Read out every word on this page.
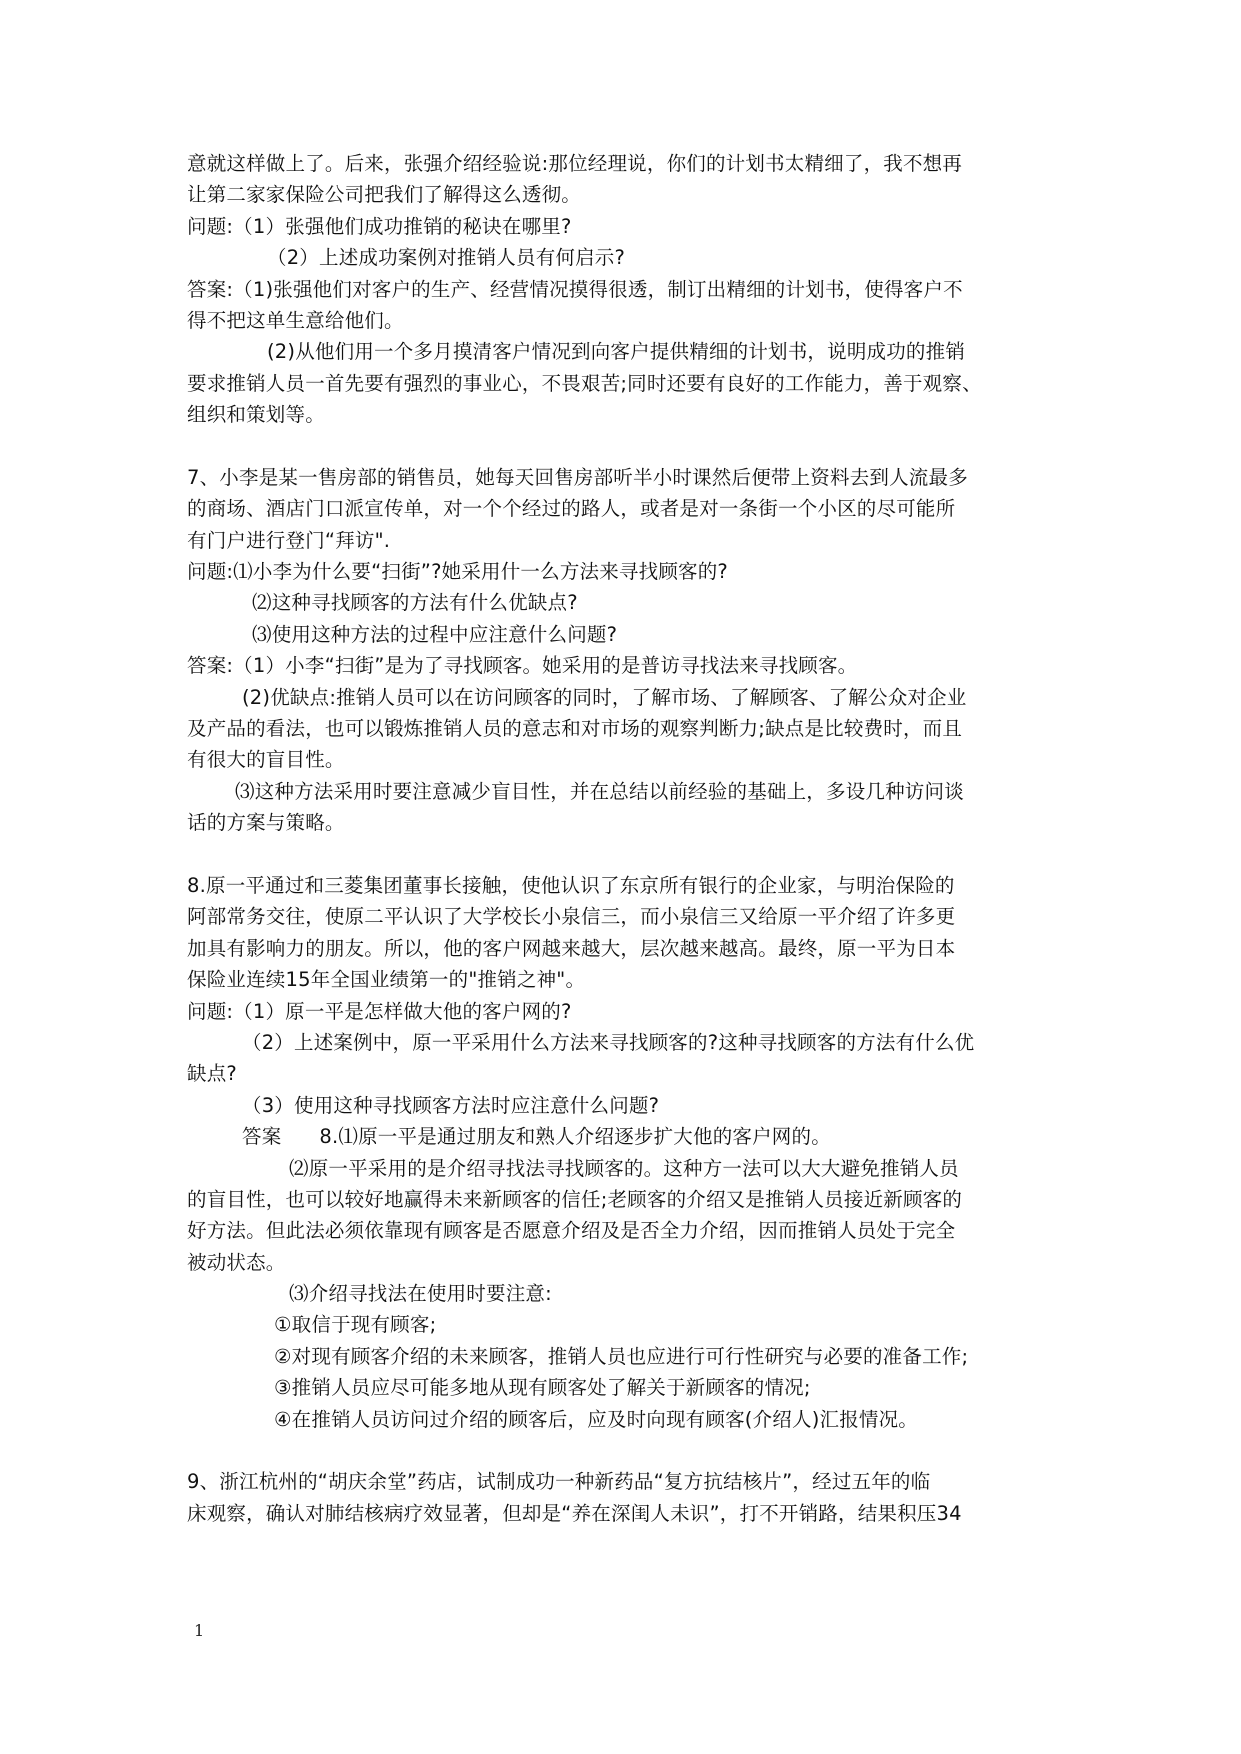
意就这样做上了。后来，张强介绍经验说:那位经理说，你们的计划书太精细了，我不想再
让第二家家保险公司把我们了解得这么透彻。
问题:（1）张强他们成功推销的秘诀在哪里?
（2）上述成功案例对推销人员有何启示?
答案:（1)张强他们对客户的生产、经营情况摸得很透，制订出精细的计划书，使得客户不
得不把这单生意给他们。
(2)从他们用一个多月摸清客户情况到向客户提供精细的计划书，说明成功的推销
要求推销人员一首先要有强烈的事业心，不畏艰苦;同时还要有良好的工作能力，善于观察、
组织和策划等。
7、小李是某一售房部的销售员，她每天回售房部听半小时课然后便带上资料去到人流最多
的商场、酒店门口派宣传单，对一个个经过的路人，或者是对一条街一个小区的尽可能所
有门户进行登门“拜访".
问题:⑴小李为什么要“扫街”?她采用什一么方法来寻找顾客的?
⑵这种寻找顾客的方法有什么优缺点?
⑶使用这种方法的过程中应注意什么问题?
答案:（1）小李“扫街”是为了寻找顾客。她采用的是普访寻找法来寻找顾客。
(2)优缺点:推销人员可以在访问顾客的同时，了解市场、了解顾客、了解公众对企业
及产品的看法，也可以锻炼推销人员的意志和对市场的观察判断力;缺点是比较费时，而且
有很大的盲目性。
⑶这种方法采用时要注意减少盲目性，并在总结以前经验的基础上，多设几种访问谈
话的方案与策略。
8.原一平通过和三菱集团董事长接触，使他认识了东京所有银行的企业家，与明治保险的
阿部常务交往，使原二平认识了大学校长小泉信三，而小泉信三又给原一平介绍了许多更
加具有影响力的朋友。所以，他的客户网越来越大，层次越来越高。最终，原一平为日本
保险业连续15年全国业绩第一的"推销之神"。
问题:（1）原一平是怎样做大他的客户网的?
（2）上述案例中，原一平采用什么方法来寻找顾客的?这种寻找顾客的方法有什么优
缺点?
（3）使用这种寻找顾客方法时应注意什么问题?
答案 8.⑴原一平是通过朋友和熟人介绍逐步扩大他的客户网的。
⑵原一平采用的是介绍寻找法寻找顾客的。这种方一法可以大大避免推销人员
的盲目性，也可以较好地赢得未来新顾客的信任;老顾客的介绍又是推销人员接近新顾客的
好方法。但此法必须依靠现有顾客是否愿意介绍及是否全力介绍，因而推销人员处于完全
被动状态。
⑶介绍寻找法在使用时要注意:
①取信于现有顾客;
②对现有顾客介绍的未来顾客，推销人员也应进行可行性研究与必要的准备工作;
③推销人员应尽可能多地从现有顾客处了解关于新顾客的情况;
④在推销人员访问过介绍的顾客后，应及时向现有顾客(介绍人)汇报情况。
9、浙江杭州的“胡庆余堂”药店，试制成功一种新药品“复方抗结核片”，经过五年的临
床观察，确认对肺结核病疗效显著，但却是“养在深闺人未识”，打不开销路，结果积压34
1
